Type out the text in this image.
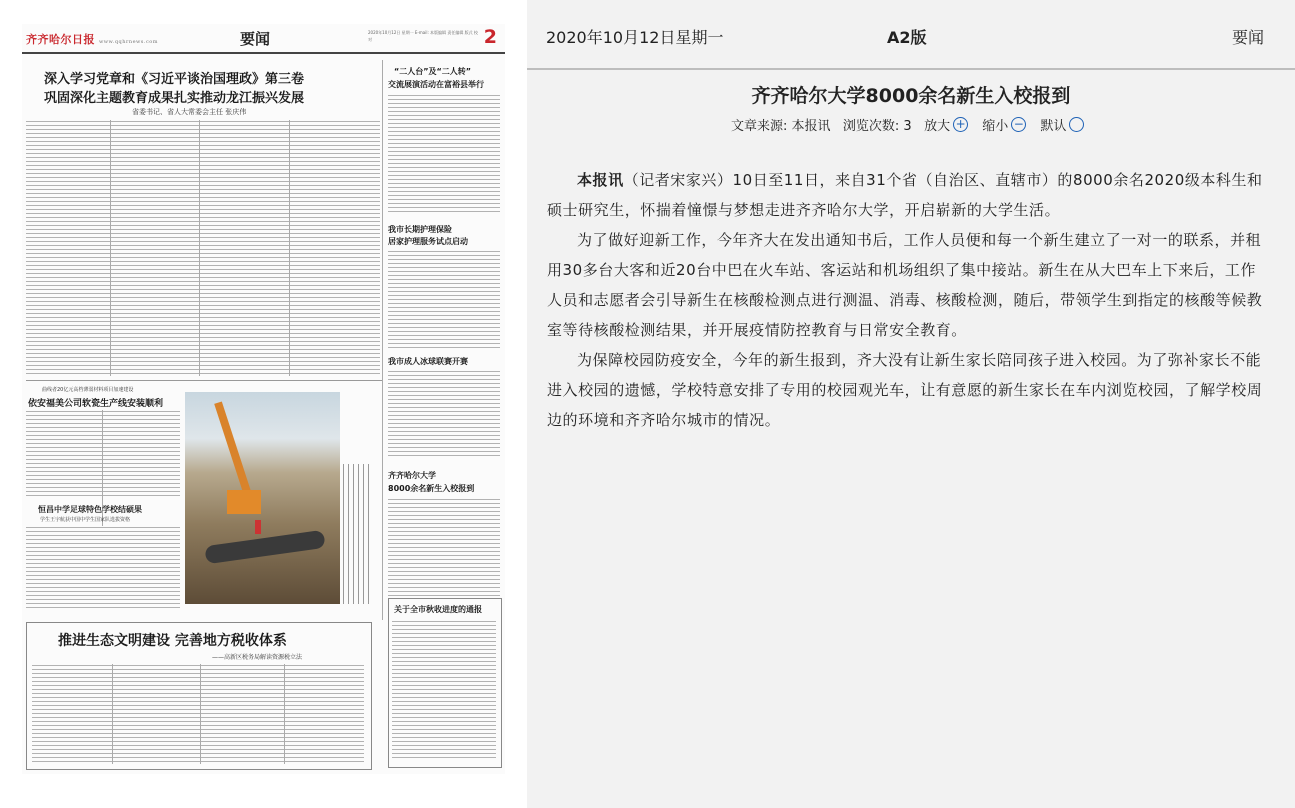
齐齐哈尔日报 www.qqhrnews.com	要闻	2020年10月12日 星期一 E-mail: 本版编辑 责任编辑 版式 校对	2
深入学习党章和《习近平谈治国理政》第三卷
巩固深化主题教育成果扎实推动龙江振兴发展
省委书记、省人大常委会主任 张庆伟
“二人台”及“二人转”
交流展演活动在富裕县举行
我市长期护理保险
居家护理服务试点启动
我市成人冰球联赛开赛
齐齐哈尔大学
8000余名新生入校报到
曲线者20亿元高档薄弱材料项目加速建设
依安福美公司软瓷生产线安装顺利
恒昌中学足球特色学校结硕果
学生王宇航获中国中学生国家队选拔资格
关于全市秋收进度的通报
推进生态文明建设 完善地方税收体系
——高新区税务局解读资源税立法
2020年10月12日星期一	A2版	要闻
齐齐哈尔大学8000余名新生入校报到
文章来源: 本报讯 浏览次数: 3 放大 + 缩小 − 默认

本报讯（记者宋家兴）10日至11日，来自31个省（自治区、直辖市）的8000余名2020级本科生和硕士研究生，怀揣着憧憬与梦想走进齐齐哈尔大学，开启崭新的大学生活。

为了做好迎新工作，今年齐大在发出通知书后，工作人员便和每一个新生建立了一对一的联系，并租用30多台大客和近20台中巴在火车站、客运站和机场组织了集中接站。新生在从大巴车上下来后，工作人员和志愿者会引导新生在核酸检测点进行测温、消毒、核酸检测，随后，带领学生到指定的核酸等候教室等待核酸检测结果，并开展疫情防控教育与日常安全教育。

为保障校园防疫安全，今年的新生报到，齐大没有让新生家长陪同孩子进入校园。为了弥补家长不能进入校园的遗憾，学校特意安排了专用的校园观光车，让有意愿的新生家长在车内浏览校园，了解学校周边的环境和齐齐哈尔城市的情况。
